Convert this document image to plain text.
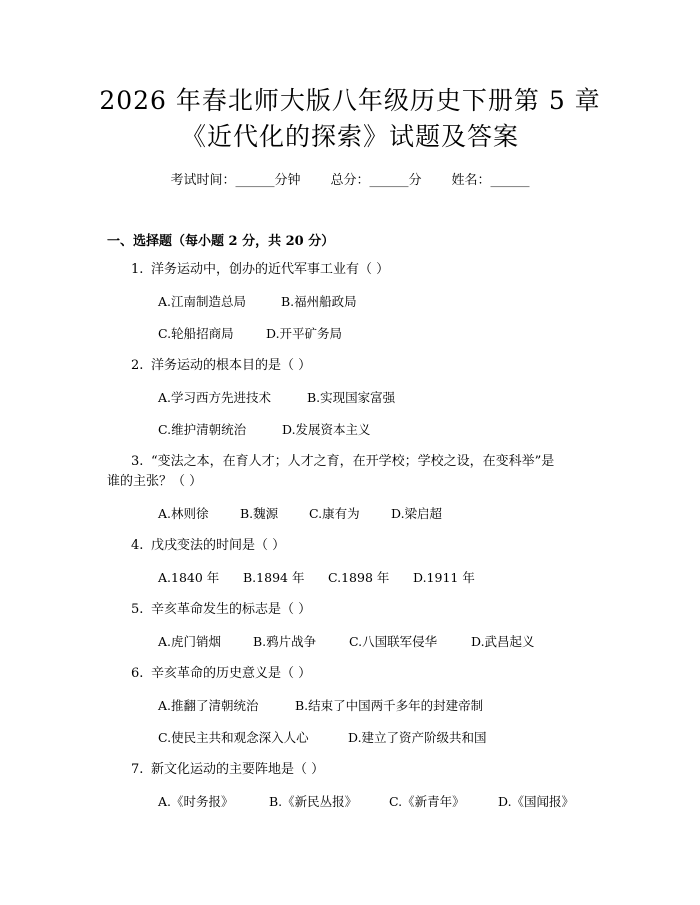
2026 年春北师大版八年级历史下册第 5 章
《近代化的探索》试题及答案
考试时间：______分钟 总分：______分 姓名：______
一、选择题（每小题 2 分，共 20 分）
1. 洋务运动中，创办的近代军事工业有（ ）
A.江南制造总局	B.福州船政局
C.轮船招商局	D.开平矿务局
2. 洋务运动的根本目的是（ ）
A.学习西方先进技术	B.实现国家富强
C.维护清朝统治	D.发展资本主义
3. “变法之本，在育人才；人才之育，在开学校；学校之设，在变科举”是
谁的主张？（ ）
A.林则徐	B.魏源 C.康有为	D.梁启超
4. 戊戌变法的时间是（ ）
A.1840 年 B.1894 年 C.1898 年 D.1911 年
5. 辛亥革命发生的标志是（ ）
A.虎门销烟	B.鸦片战争	C.八国联军侵华	D.武昌起义
6. 辛亥革命的历史意义是（ ）
A.推翻了清朝统治	B.结束了中国两千多年的封建帝制
C.使民主共和观念深入人心	D.建立了资产阶级共和国
7. 新文化运动的主要阵地是（ ）
A.《时务报》	B.《新民丛报》	C.《新青年》	D.《国闻报》
